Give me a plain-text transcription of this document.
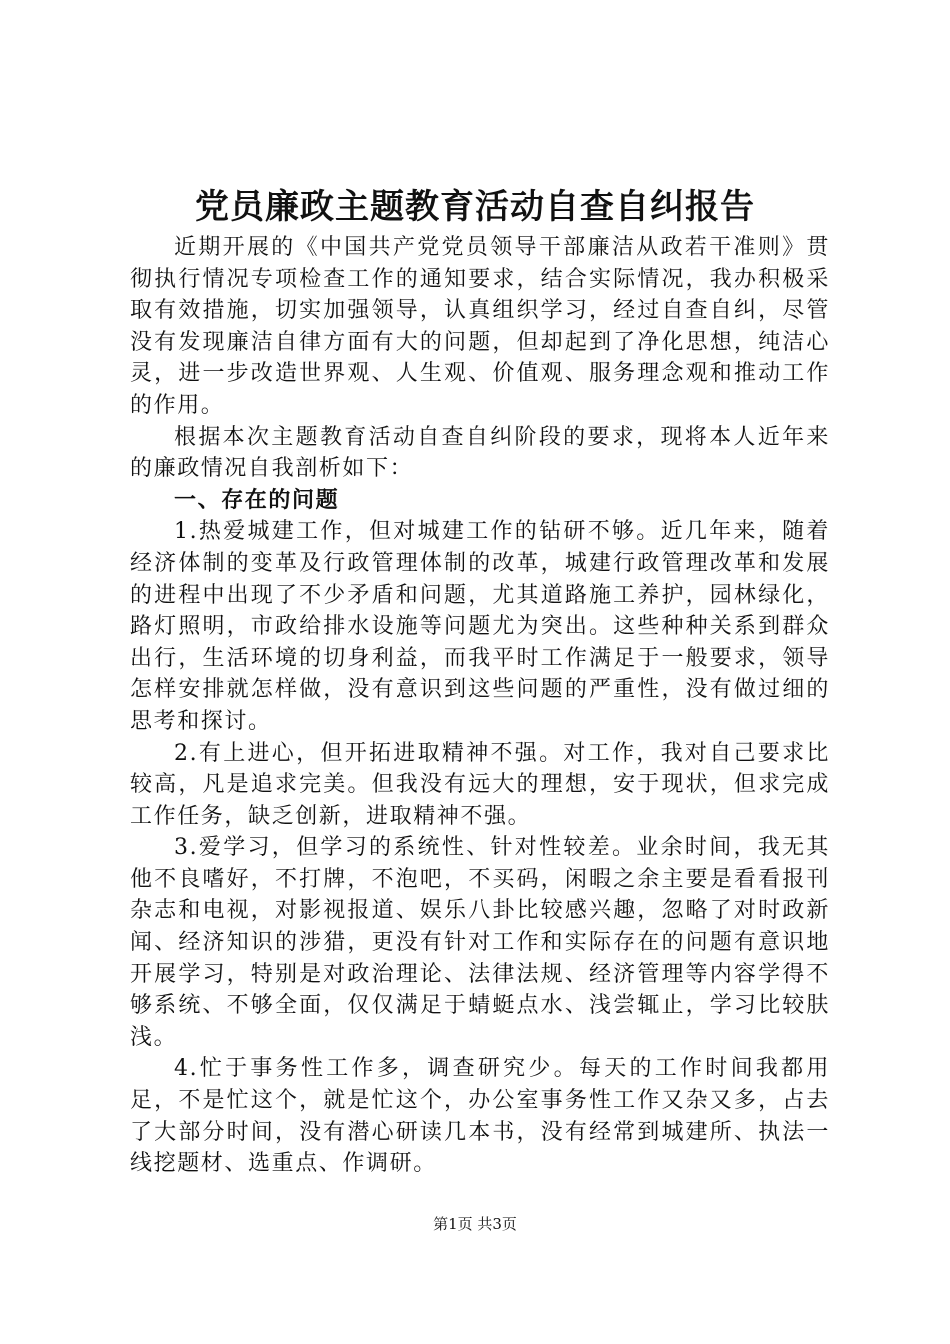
党员廉政主题教育活动自查自纠报告

近期开展的《中国共产党党员领导干部廉洁从政若干准则》贯彻执行情况专项检查工作的通知要求，结合实际情况，我办积极采取有效措施，切实加强领导，认真组织学习，经过自查自纠，尽管没有发现廉洁自律方面有大的问题，但却起到了净化思想，纯洁心灵，进一步改造世界观、人生观、价值观、服务理念观和推动工作的作用。

根据本次主题教育活动自查自纠阶段的要求，现将本人近年来的廉政情况自我剖析如下：

一、存在的问题

1.热爱城建工作，但对城建工作的钻研不够。近几年来，随着经济体制的变革及行政管理体制的改革，城建行政管理改革和发展的进程中出现了不少矛盾和问题，尤其道路施工养护，园林绿化，路灯照明，市政给排水设施等问题尤为突出。这些种种关系到群众出行，生活环境的切身利益，而我平时工作满足于一般要求，领导怎样安排就怎样做，没有意识到这些问题的严重性，没有做过细的思考和探讨。

2.有上进心，但开拓进取精神不强。对工作，我对自己要求比较高，凡是追求完美。但我没有远大的理想，安于现状，但求完成工作任务，缺乏创新，进取精神不强。

3.爱学习，但学习的系统性、针对性较差。业余时间，我无其他不良嗜好，不打牌，不泡吧，不买码，闲暇之余主要是看看报刊杂志和电视，对影视报道、娱乐八卦比较感兴趣，忽略了对时政新闻、经济知识的涉猎，更没有针对工作和实际存在的问题有意识地开展学习，特别是对政治理论、法律法规、经济管理等内容学得不够系统、不够全面，仅仅满足于蜻蜓点水、浅尝辄止，学习比较肤浅。

4.忙于事务性工作多，调查研究少。每天的工作时间我都用足，不是忙这个，就是忙这个，办公室事务性工作又杂又多，占去了大部分时间，没有潜心研读几本书，没有经常到城建所、执法一线挖题材、选重点、作调研。

第1页 共3页
